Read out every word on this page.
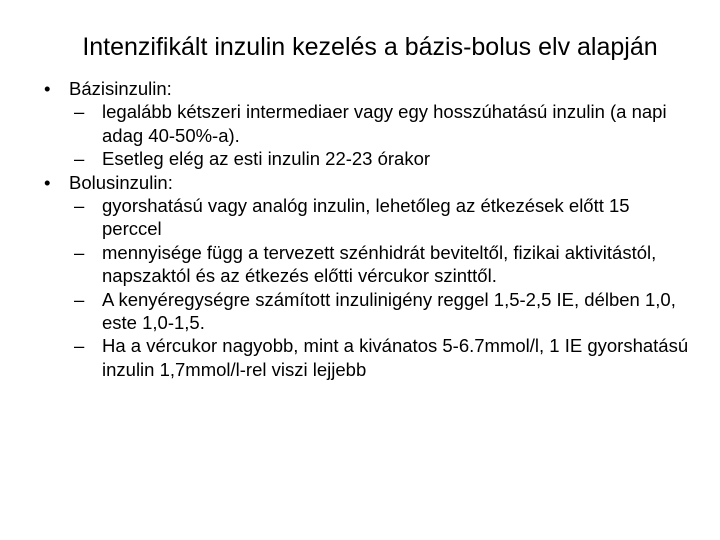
Intenzifikált inzulin kezelés a bázis-bolus elv alapján
•	Bázisinzulin:
– legalább kétszeri intermediaer vagy egy hosszúhatású inzulin (a napi adag 40-50%-a).
– Esetleg elég az esti inzulin 22-23 órakor
•	Bolusinzulin:
– gyorshatású vagy analóg inzulin, lehetőleg az étkezések előtt 15 perccel
– mennyisége függ a tervezett szénhidrát beviteltől, fizikai aktivitástól, napszaktól és az étkezés előtti vércukor szinttől.
– A kenyéregységre számított inzulinigény reggel 1,5-2,5 IE, délben 1,0, este 1,0-1,5.
– Ha a vércukor nagyobb, mint a kivánatos 5-6.7mmol/l, 1 IE gyorshatású inzulin 1,7mmol/l-rel viszi lejjebb
